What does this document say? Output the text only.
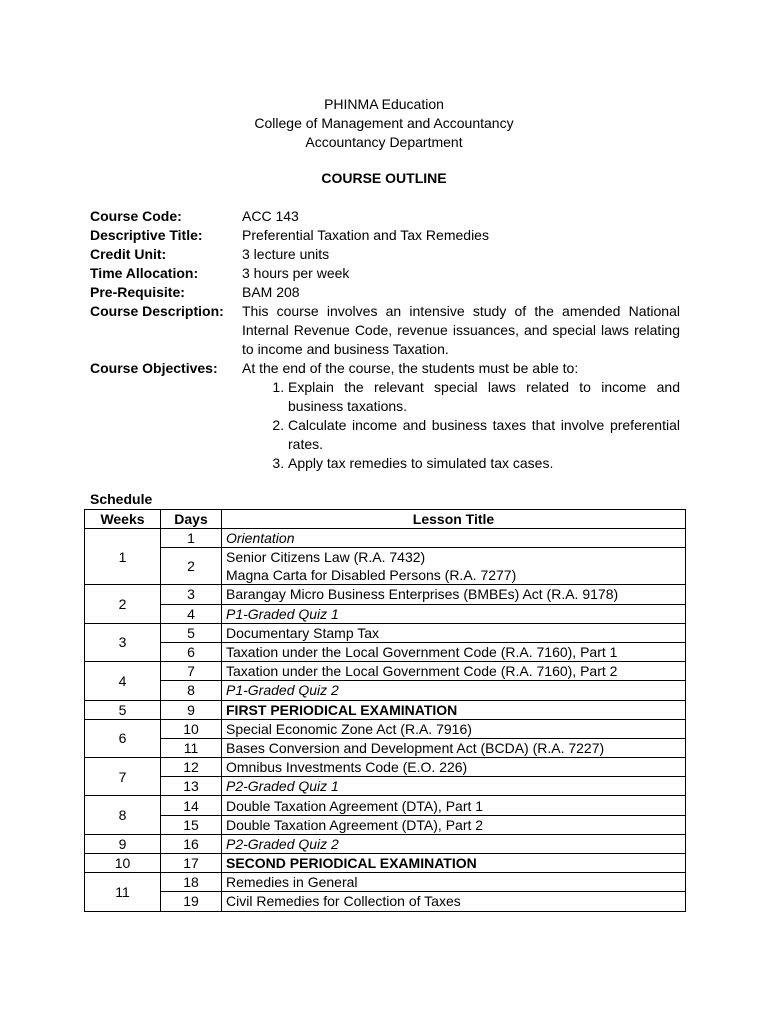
PHINMA Education
College of Management and Accountancy
Accountancy Department
COURSE OUTLINE
Course Code:	ACC 143
Descriptive Title:	Preferential Taxation and Tax Remedies
Credit Unit:	3 lecture units
Time Allocation:	3 hours per week
Pre-Requisite:	BAM 208
Course Description:	This course involves an intensive study of the amended National Internal Revenue Code, revenue issuances, and special laws relating to income and business Taxation.
Course Objectives:	At the end of the course, the students must be able to:
1. Explain the relevant special laws related to income and business taxations.
2. Calculate income and business taxes that involve preferential rates.
3. Apply tax remedies to simulated tax cases.
Schedule
Weeks	Days	Lesson Title
1	1	Orientation
	2	Senior Citizens Law (R.A. 7432)
Magna Carta for Disabled Persons (R.A. 7277)

2	3	Barangay Micro Business Enterprises (BMBEs) Act (R.A. 9178)
	4	P1-Graded Quiz 1
3	5	Documentary Stamp Tax
	6	Taxation under the Local Government Code (R.A. 7160), Part 1
4	7	Taxation under the Local Government Code (R.A. 7160), Part 2
	8	P1-Graded Quiz 2
5	9	FIRST PERIODICAL EXAMINATION
6	10	Special Economic Zone Act (R.A. 7916)
	11	Bases Conversion and Development Act (BCDA) (R.A. 7227)
7	12	Omnibus Investments Code (E.O. 226)
	13	P2-Graded Quiz 1
8	14	Double Taxation Agreement (DTA), Part 1
	15	Double Taxation Agreement (DTA), Part 2
9	16	P2-Graded Quiz 2
10	17	SECOND PERIODICAL EXAMINATION
11	18	Remedies in General
	19	Civil Remedies for Collection of Taxes
